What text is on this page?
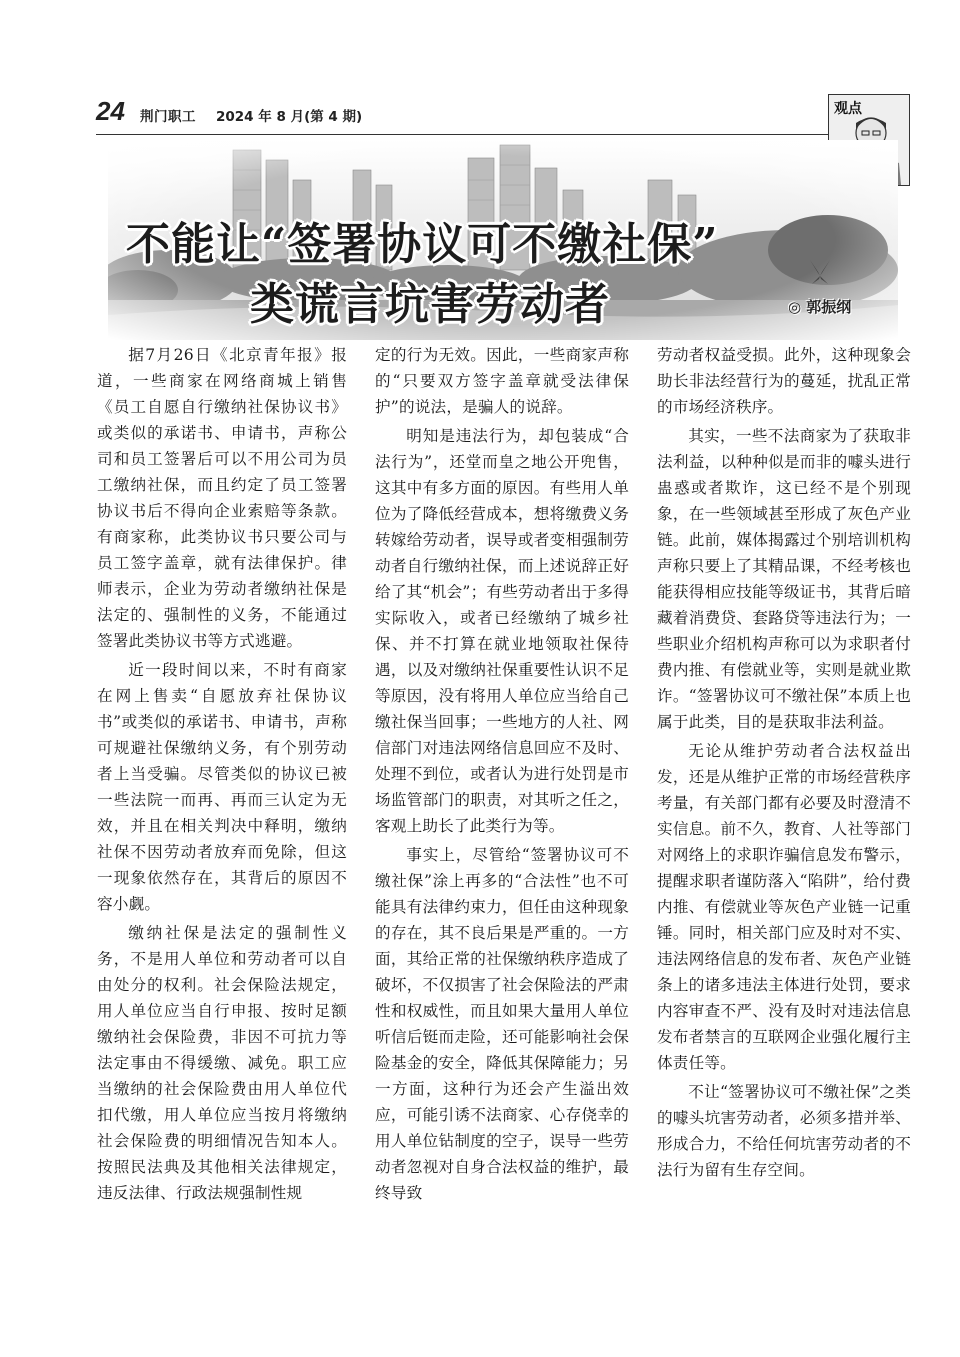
24 荆门职工 2024 年 8 月(第 4 期)	观点
不能让“签署协议可不缴社保”
类谎言坑害劳动者	◎ 郭振纲

据7月26日《北京青年报》报道，一些商家在网络商城上销售《员工自愿自行缴纳社保协议书》或类似的承诺书、申请书，声称公司和员工签署后可以不用公司为员工缴纳社保，而且约定了员工签署协议书后不得向企业索赔等条款。有商家称，此类协议书只要公司与员工签字盖章，就有法律保护。律师表示，企业为劳动者缴纳社保是法定的、强制性的义务，不能通过签署此类协议书等方式逃避。

近一段时间以来，不时有商家在网上售卖“自愿放弃社保协议书”或类似的承诺书、申请书，声称可规避社保缴纳义务，有个别劳动者上当受骗。尽管类似的协议已被一些法院一而再、再而三认定为无效，并且在相关判决中释明，缴纳社保不因劳动者放弃而免除，但这一现象依然存在，其背后的原因不容小觑。

缴纳社保是法定的强制性义务，不是用人单位和劳动者可以自由处分的权利。社会保险法规定，用人单位应当自行申报、按时足额缴纳社会保险费，非因不可抗力等法定事由不得缓缴、减免。职工应当缴纳的社会保险费由用人单位代扣代缴，用人单位应当按月将缴纳社会保险费的明细情况告知本人。按照民法典及其他相关法律规定，违反法律、行政法规强制性规

定的行为无效。因此，一些商家声称的“只要双方签字盖章就受法律保护”的说法，是骗人的说辞。

明知是违法行为，却包装成“合法行为”，还堂而皇之地公开兜售，这其中有多方面的原因。有些用人单位为了降低经营成本，想将缴费义务转嫁给劳动者，误导或者变相强制劳动者自行缴纳社保，而上述说辞正好给了其“机会”；有些劳动者出于多得实际收入，或者已经缴纳了城乡社保、并不打算在就业地领取社保待遇，以及对缴纳社保重要性认识不足等原因，没有将用人单位应当给自己缴社保当回事；一些地方的人社、网信部门对违法网络信息回应不及时、处理不到位，或者认为进行处罚是市场监管部门的职责，对其听之任之，客观上助长了此类行为等。

事实上，尽管给“签署协议可不缴社保”涂上再多的“合法性”也不可能具有法律约束力，但任由这种现象的存在，其不良后果是严重的。一方面，其给正常的社保缴纳秩序造成了破坏，不仅损害了社会保险法的严肃性和权威性，而且如果大量用人单位听信后铤而走险，还可能影响社会保险基金的安全，降低其保障能力；另一方面，这种行为还会产生溢出效应，可能引诱不法商家、心存侥幸的用人单位钻制度的空子，误导一些劳动者忽视对自身合法权益的维护，最终导致

劳动者权益受损。此外，这种现象会助长非法经营行为的蔓延，扰乱正常的市场经济秩序。

其实，一些不法商家为了获取非法利益，以种种似是而非的噱头进行蛊惑或者欺诈，这已经不是个别现象，在一些领域甚至形成了灰色产业链。此前，媒体揭露过个别培训机构声称只要上了其精品课，不经考核也能获得相应技能等级证书，其背后暗藏着消费贷、套路贷等违法行为；一些职业介绍机构声称可以为求职者付费内推、有偿就业等，实则是就业欺诈。“签署协议可不缴社保”本质上也属于此类，目的是获取非法利益。

无论从维护劳动者合法权益出发，还是从维护正常的市场经营秩序考量，有关部门都有必要及时澄清不实信息。前不久，教育、人社等部门对网络上的求职诈骗信息发布警示，提醒求职者谨防落入“陷阱”，给付费内推、有偿就业等灰色产业链一记重锤。同时，相关部门应及时对不实、违法网络信息的发布者、灰色产业链条上的诸多违法主体进行处罚，要求内容审查不严、没有及时对违法信息发布者禁言的互联网企业强化履行主体责任等。

不让“签署协议可不缴社保”之类的噱头坑害劳动者，必须多措并举、形成合力，不给任何坑害劳动者的不法行为留有生存空间。
